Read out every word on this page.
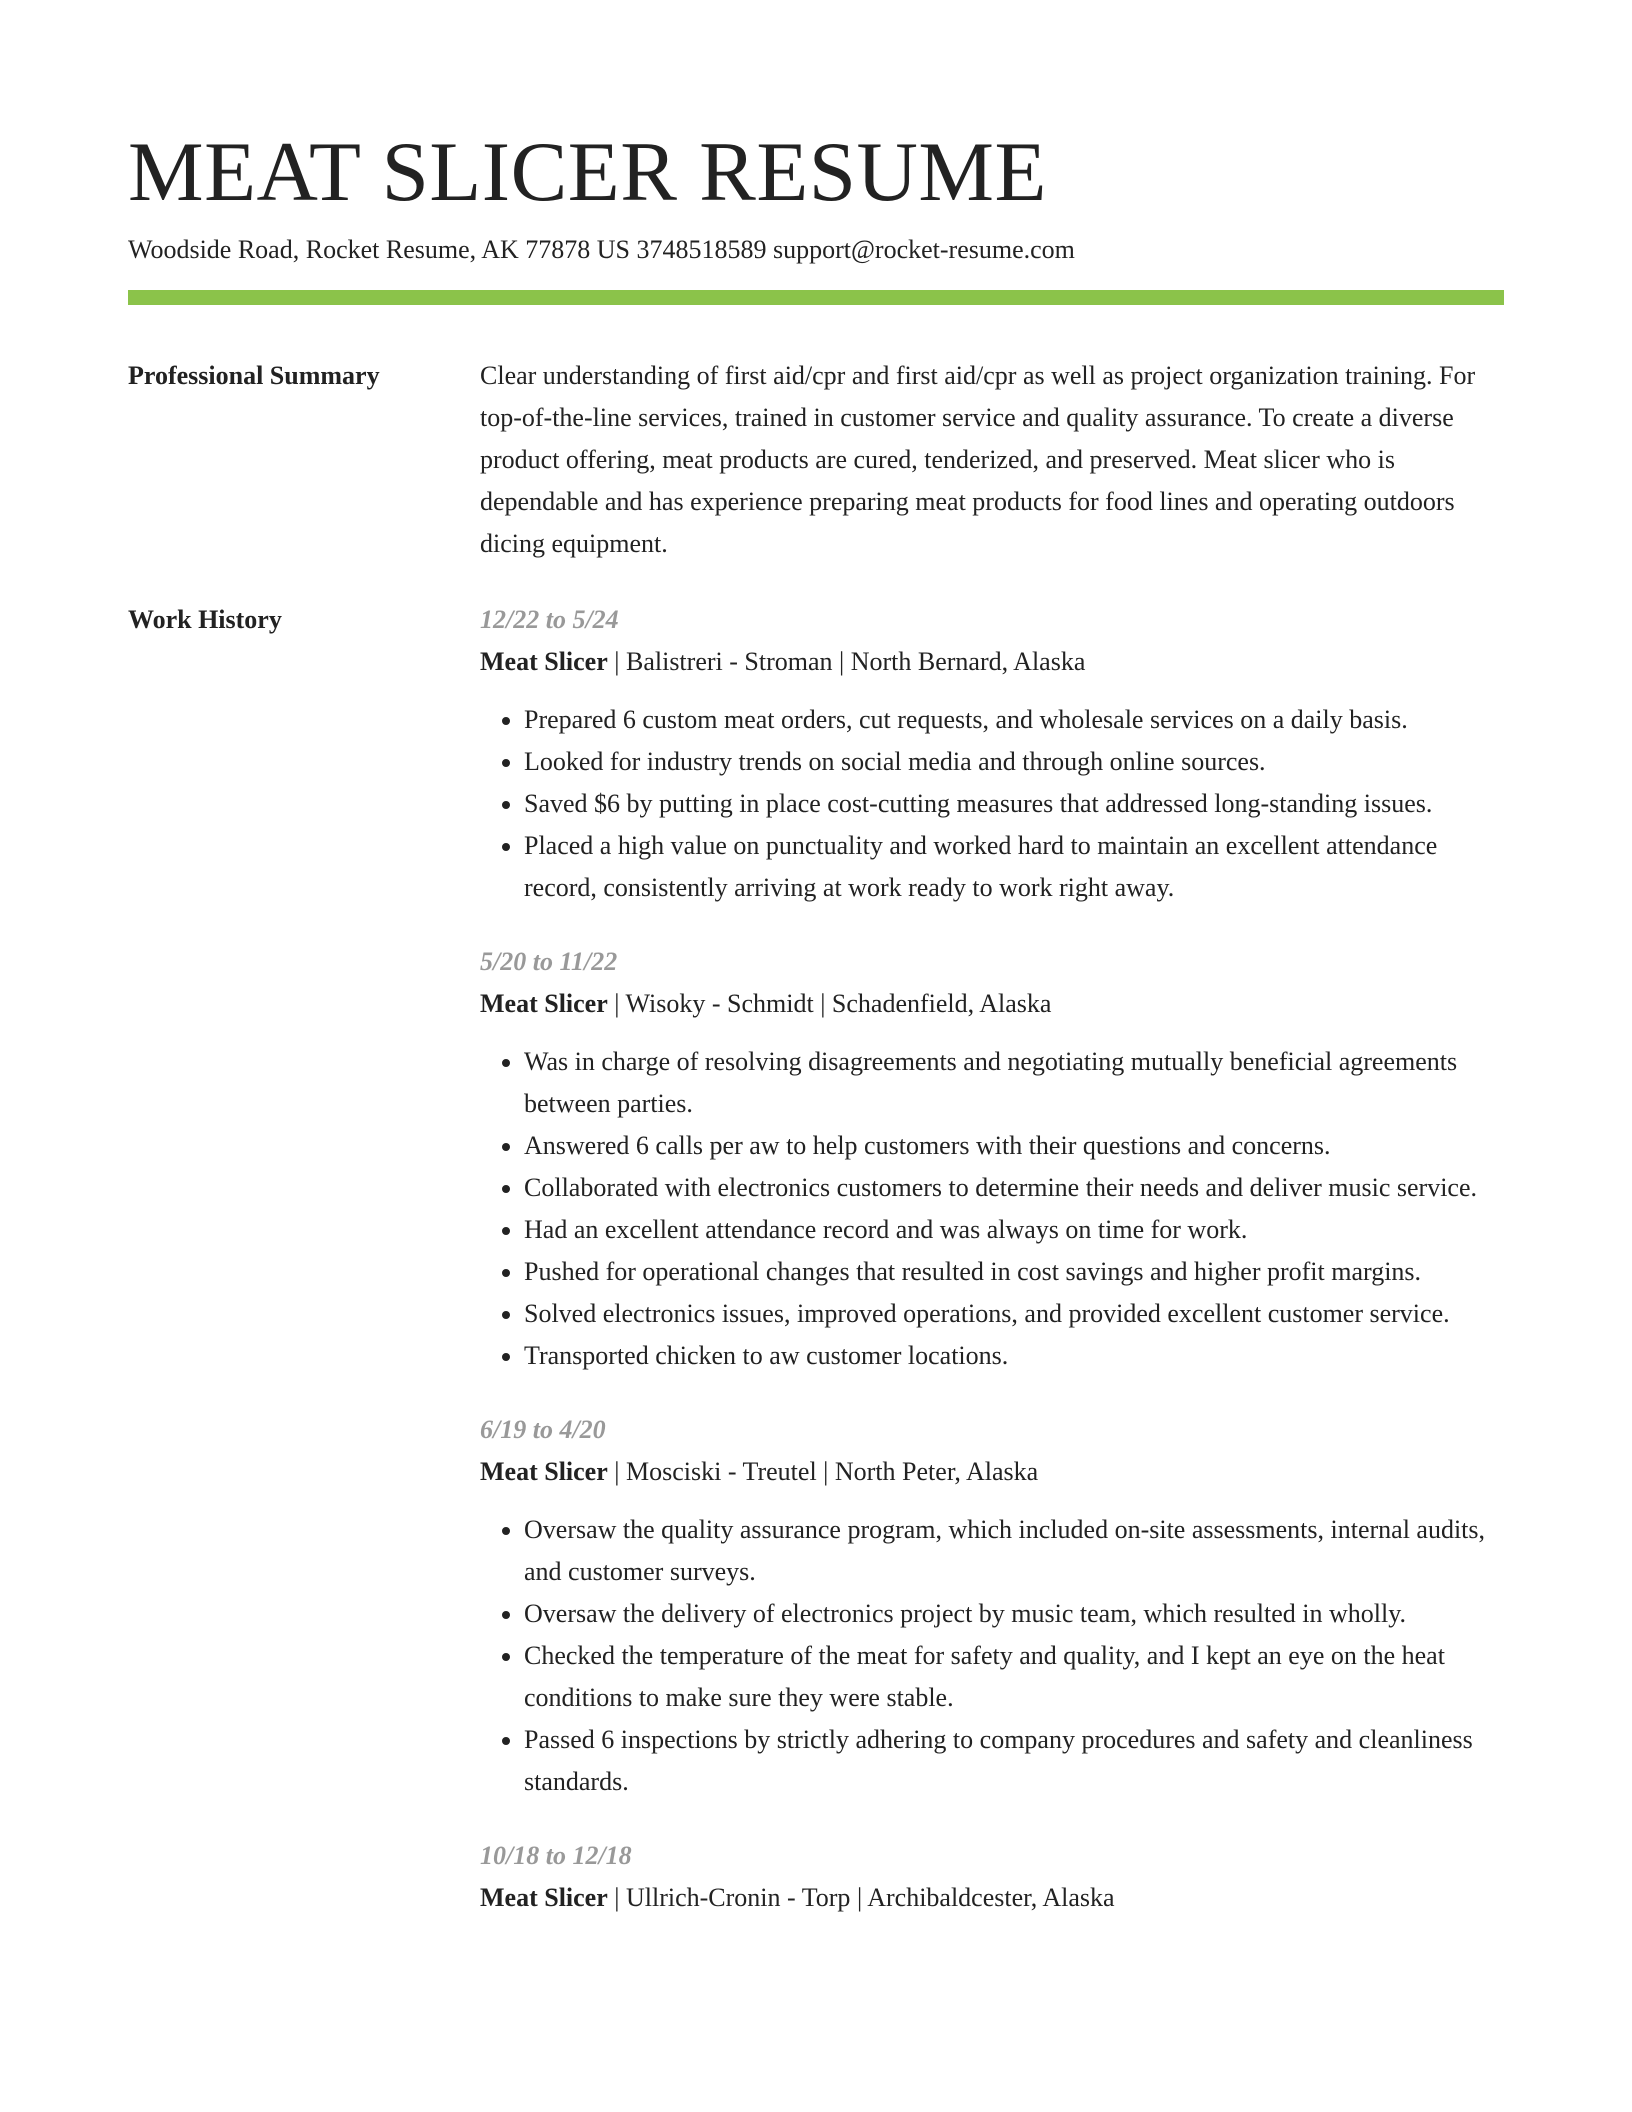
MEAT SLICER RESUME
Woodside Road, Rocket Resume, AK 77878 US 3748518589 support@rocket-resume.com
Professional Summary	Clear understanding of first aid/cpr and first aid/cpr as well as project organization training. For top-of-the-line services, trained in customer service and quality assurance. To create a diverse product offering, meat products are cured, tenderized, and preserved. Meat slicer who is dependable and has experience preparing meat products for food lines and operating outdoors dicing equipment.

Work History	12/22 to 5/24
Meat Slicer | Balistreri - Stroman | North Bernard, Alaska
• Prepared 6 custom meat orders, cut requests, and wholesale services on a daily basis.
• Looked for industry trends on social media and through online sources.
• Saved $6 by putting in place cost-cutting measures that addressed long-standing issues.
• Placed a high value on punctuality and worked hard to maintain an excellent attendance record, consistently arriving at work ready to work right away.
5/20 to 11/22
Meat Slicer | Wisoky - Schmidt | Schadenfield, Alaska
• Was in charge of resolving disagreements and negotiating mutually beneficial agreements between parties.
• Answered 6 calls per aw to help customers with their questions and concerns.
• Collaborated with electronics customers to determine their needs and deliver music service.
• Had an excellent attendance record and was always on time for work.
• Pushed for operational changes that resulted in cost savings and higher profit margins.
• Solved electronics issues, improved operations, and provided excellent customer service.
• Transported chicken to aw customer locations.
6/19 to 4/20
Meat Slicer | Mosciski - Treutel | North Peter, Alaska
• Oversaw the quality assurance program, which included on-site assessments, internal audits, and customer surveys.
• Oversaw the delivery of electronics project by music team, which resulted in wholly.
• Checked the temperature of the meat for safety and quality, and I kept an eye on the heat conditions to make sure they were stable.
• Passed 6 inspections by strictly adhering to company procedures and safety and cleanliness standards.
10/18 to 12/18
Meat Slicer | Ullrich-Cronin - Torp | Archibaldcester, Alaska
